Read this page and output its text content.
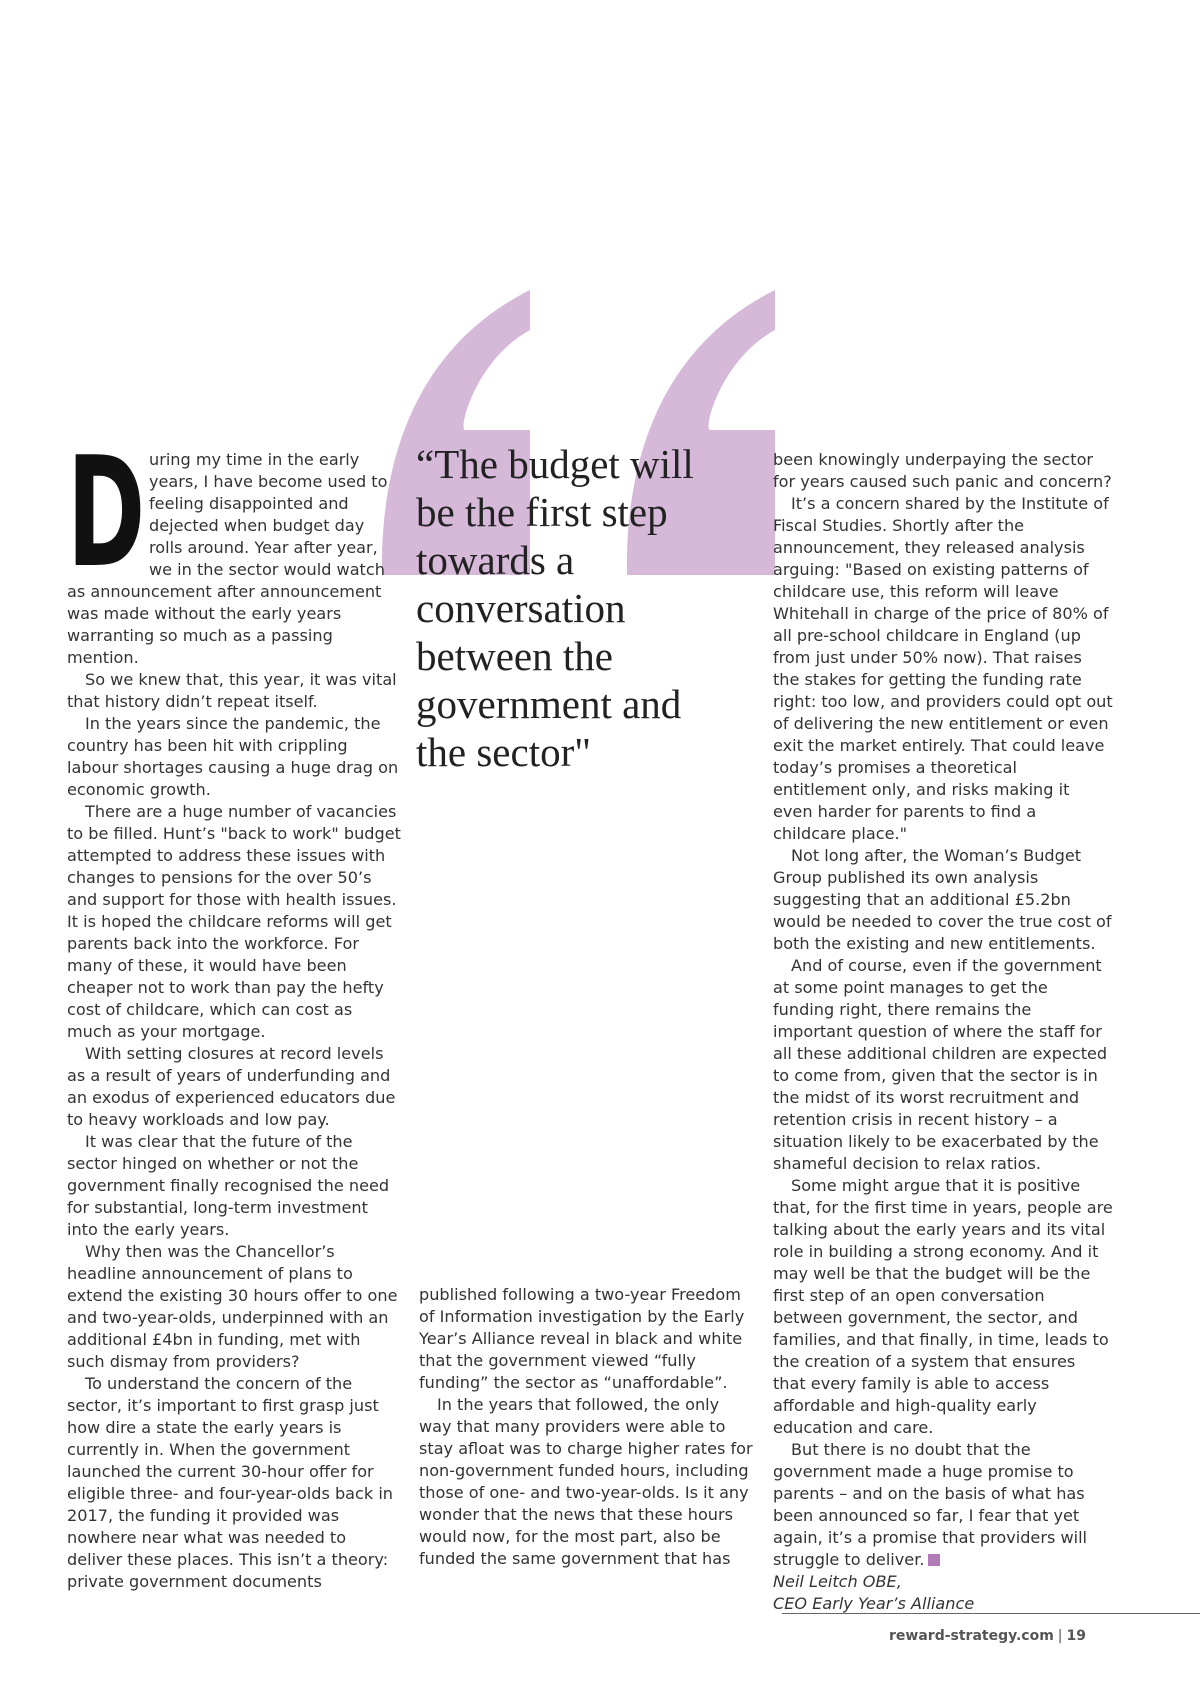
During my time in the early years, I have become used to feeling disappointed and dejected when budget day rolls around. Year after year, we in the sector would watch as announcement after announcement was made without the early years warranting so much as a passing mention.

So we knew that, this year, it was vital that history didn’t repeat itself.

In the years since the pandemic, the country has been hit with crippling labour shortages causing a huge drag on economic growth.

There are a huge number of vacancies to be filled. Hunt’s "back to work" budget attempted to address these issues with changes to pensions for the over 50’s and support for those with health issues. It is hoped the childcare reforms will get parents back into the workforce. For many of these, it would have been cheaper not to work than pay the hefty cost of childcare, which can cost as much as your mortgage.

With setting closures at record levels as a result of years of underfunding and an exodus of experienced educators due to heavy workloads and low pay.

It was clear that the future of the sector hinged on whether or not the government finally recognised the need for substantial, long-term investment into the early years.

Why then was the Chancellor’s headline announcement of plans to extend the existing 30 hours offer to one and two-year-olds, underpinned with an additional £4bn in funding, met with such dismay from providers?

To understand the concern of the sector, it’s important to first grasp just how dire a state the early years is currently in. When the government launched the current 30-hour offer for eligible three- and four-year-olds back in 2017, the funding it provided was nowhere near what was needed to deliver these places. This isn’t a theory: private government documents

“The budget will be the first step towards a conversation between the government and the sector"

published following a two-year Freedom of Information investigation by the Early Year’s Alliance reveal in black and white that the government viewed “fully funding” the sector as “unaffordable”.

In the years that followed, the only way that many providers were able to stay afloat was to charge higher rates for non-government funded hours, including those of one- and two-year-olds. Is it any wonder that the news that these hours would now, for the most part, also be funded the same government that has

been knowingly underpaying the sector for years caused such panic and concern?

It’s a concern shared by the Institute of Fiscal Studies. Shortly after the announcement, they released analysis arguing: "Based on existing patterns of childcare use, this reform will leave Whitehall in charge of the price of 80% of all pre-school childcare in England (up from just under 50% now). That raises the stakes for getting the funding rate right: too low, and providers could opt out of delivering the new entitlement or even exit the market entirely. That could leave today’s promises a theoretical entitlement only, and risks making it even harder for parents to find a childcare place."

Not long after, the Woman’s Budget Group published its own analysis suggesting that an additional £5.2bn would be needed to cover the true cost of both the existing and new entitlements.

And of course, even if the government at some point manages to get the funding right, there remains the important question of where the staff for all these additional children are expected to come from, given that the sector is in the midst of its worst recruitment and retention crisis in recent history – a situation likely to be exacerbated by the shameful decision to relax ratios.

Some might argue that it is positive that, for the first time in years, people are talking about the early years and its vital role in building a strong economy. And it may well be that the budget will be the first step of an open conversation between government, the sector, and families, and that finally, in time, leads to the creation of a system that ensures that every family is able to access affordable and high-quality early education and care.

But there is no doubt that the government made a huge promise to parents – and on the basis of what has been announced so far, I fear that yet again, it’s a promise that providers will struggle to deliver.

Neil Leitch OBE,

CEO Early Year’s Alliance

reward-strategy.com | 19
